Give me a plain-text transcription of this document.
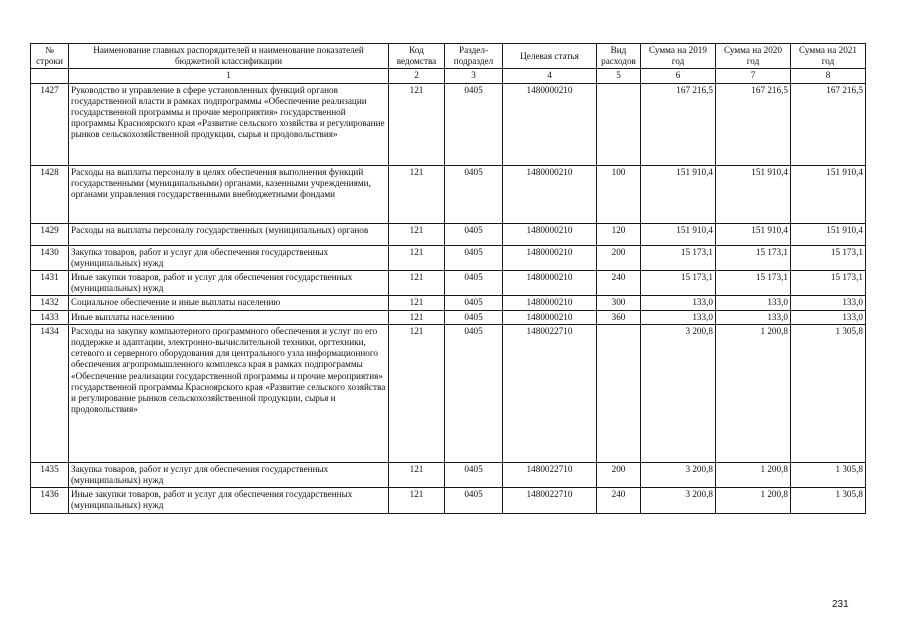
№ строки	Наименование главных распорядителей и наименование показателей бюджетной классификации	Код ведомства	Раздел-подраздел	Целевая статья	Вид расходов	Сумма на 2019 год	Сумма на 2020 год	Сумма на 2021 год
	1	2	3	4	5	6	7	8
1427	Руководство и управление в сфере установленных функций органов государственной власти в рамках подпрограммы «Обеспечение реализации государственной программы и прочие мероприятия» государственной программы Красноярского края «Развитие сельского хозяйства и регулирование рынков сельскохозяйственной продукции, сырья и продовольствия»	121	0405	1480000210		167 216,5	167 216,5	167 216,5
1428	Расходы на выплаты персоналу в целях обеспечения выполнения функций государственными (муниципальными) органами, казенными учреждениями, органами управления государственными внебюджетными фондами	121	0405	1480000210	100	151 910,4	151 910,4	151 910,4
1429	Расходы на выплаты персоналу государственных (муниципальных) органов	121	0405	1480000210	120	151 910,4	151 910,4	151 910,4
1430	Закупка товаров, работ и услуг для обеспечения государственных (муниципальных) нужд	121	0405	1480000210	200	15 173,1	15 173,1	15 173,1
1431	Иные закупки товаров, работ и услуг для обеспечения государственных (муниципальных) нужд	121	0405	1480000210	240	15 173,1	15 173,1	15 173,1
1432	Социальное обеспечение и иные выплаты населению	121	0405	1480000210	300	133,0	133,0	133,0
1433	Иные выплаты населению	121	0405	1480000210	360	133,0	133,0	133,0
1434	Расходы на закупку компьютерного программного обеспечения и услуг по его поддержке и адаптации, электронно-вычислительной техники, оргтехники, сетевого и серверного оборудования для центрального узла информационного обеспечения агропромышленного комплекса края в рамках подпрограммы «Обеспечение реализации государственной программы и прочие мероприятия» государственной программы Красноярского края «Развитие сельского хозяйства и регулирование рынков сельскохозяйственной продукции, сырья и продовольствия»	121	0405	1480022710		3 200,8	1 200,8	1 305,8
1435	Закупка товаров, работ и услуг для обеспечения государственных (муниципальных) нужд	121	0405	1480022710	200	3 200,8	1 200,8	1 305,8
1436	Иные закупки товаров, работ и услуг для обеспечения государственных (муниципальных) нужд	121	0405	1480022710	240	3 200,8	1 200,8	1 305,8
231
